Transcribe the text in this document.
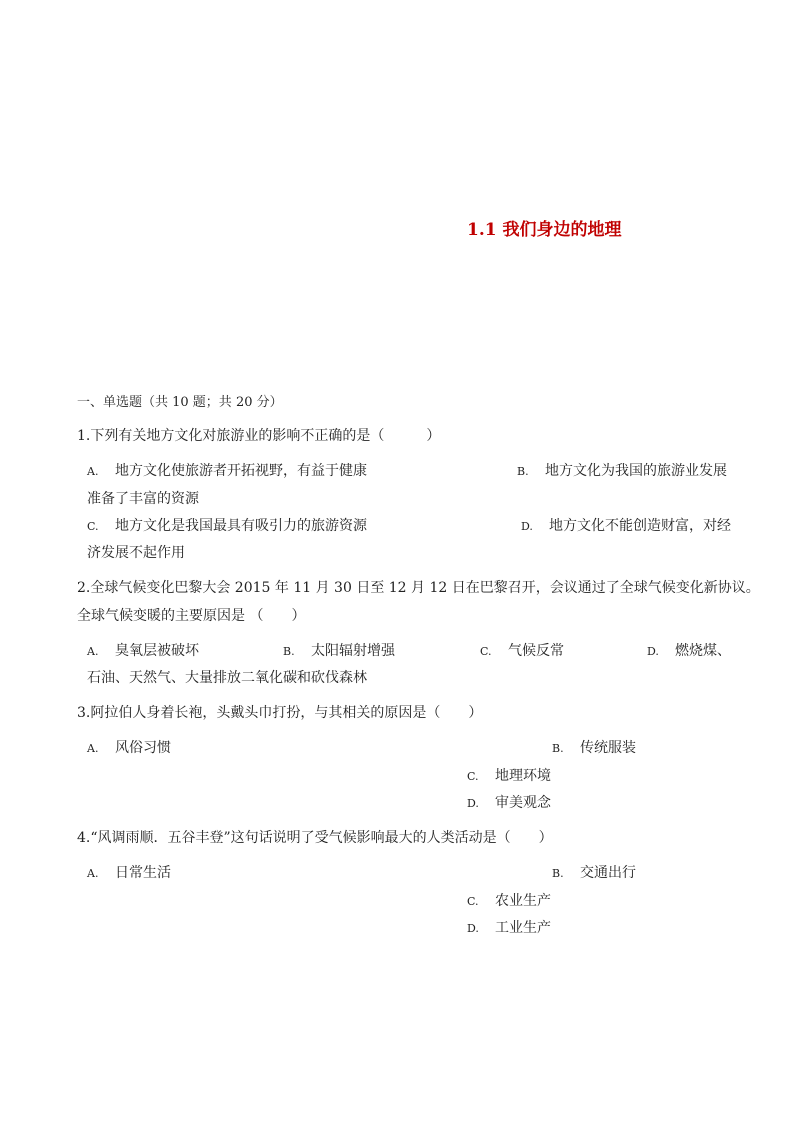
1.1 我们身边的地理
一、单选题（共 10 题；共 20 分）
1.下列有关地方文化对旅游业的影响不正确的是（　　　）
A. 地方文化使旅游者开拓视野，有益于健康	B. 地方文化为我国的旅游业发展
准备了丰富的资源
C. 地方文化是我国最具有吸引力的旅游资源	D. 地方文化不能创造财富，对经
济发展不起作用
2.全球气候变化巴黎大会 2015 年 11 月 30 日至 12 月 12 日在巴黎召开，会议通过了全球气候变化新协议。
全球气候变暖的主要原因是 （　　）
A. 臭氧层被破坏	B. 太阳辐射增强	C. 气候反常	D. 燃烧煤、
石油、天然气、大量排放二氧化碳和砍伐森林
3.阿拉伯人身着长袍，头戴头巾打扮，与其相关的原因是（　　）
A. 风俗习惯	B. 传统服装
C. 地理环境
D. 审美观念
4.“风调雨顺．五谷丰登”这句话说明了受气候影响最大的人类活动是（　　）
A. 日常生活	B. 交通出行
C. 农业生产
D. 工业生产
